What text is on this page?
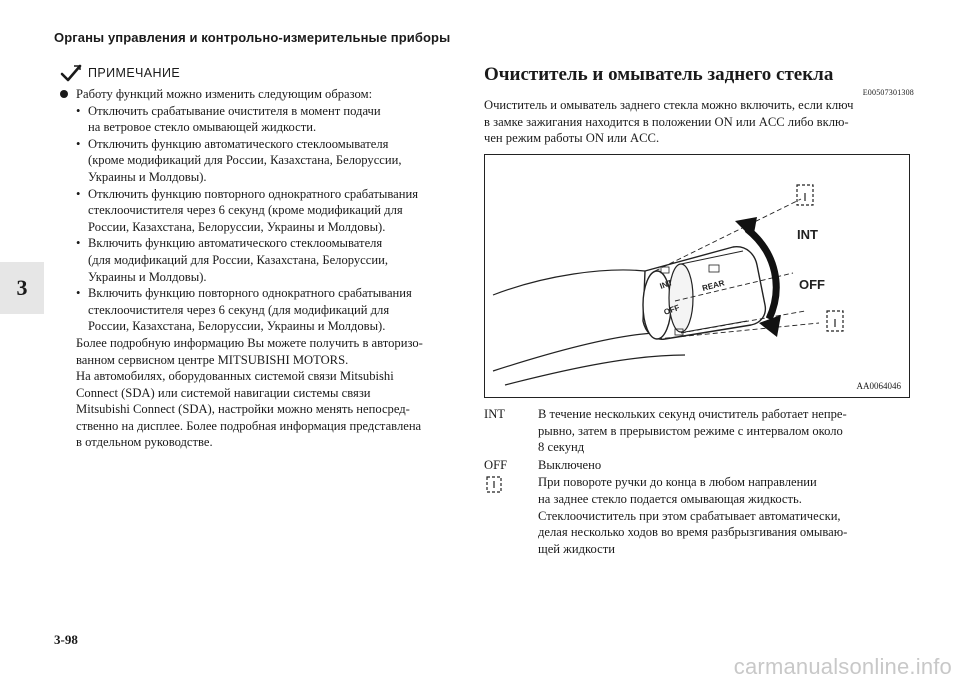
Органы управления и контрольно-измерительные приборы
3
ПРИМЕЧАНИЕ
Работу функций можно изменить следующим образом:
• Отключить срабатывание очистителя в момент подачи
на ветровое стекло омывающей жидкости.
• Отключить функцию автоматического стеклоомывателя
(кроме модификаций для России, Казахстана, Белоруссии,
Украины и Молдовы).
• Отключить функцию повторного однократного срабатывания
стеклоочистителя через 6 секунд (кроме модификаций для
России, Казахстана, Белоруссии, Украины и Молдовы).
• Включить функцию автоматического стеклоомывателя
(для модификаций для России, Казахстана, Белоруссии,
Украины и Молдовы).
• Включить функцию повторного однократного срабатывания
стеклоочистителя через 6 секунд (для модификаций для
России, Казахстана, Белоруссии, Украины и Молдовы).

Более подробную информацию Вы можете получить в авторизо-
ванном сервисном центре MITSUBISHI MOTORS.
На автомобилях, оборудованных системой связи Mitsubishi
Connect (SDA) или системой навигации системы связи
Mitsubishi Connect (SDA), настройки можно менять непосред-
ственно на дисплее. Более подробная информация представлена
в отдельном руководстве.

Очиститель и омыватель заднего стекла
E00507301308

Очиститель и омыватель заднего стекла можно включить, если ключ
в замке зажигания находится в положении ON или ACC либо вклю-
чен режим работы ON или ACC.

INT
OFF
REAR
INT
OFF
AA0064046
INT	В течение нескольких секунд очиститель работает непре-
рывно, затем в прерывистом режиме с интервалом около
8 секунд
OFF	Выключено
При повороте ручки до конца в любом направлении
на заднее стекло подается омывающая жидкость.
Стеклоочиститель при этом срабатывает автоматически,
делая несколько ходов во время разбрызгивания омываю-
щей жидкости
3-98
carmanualsonline.info
